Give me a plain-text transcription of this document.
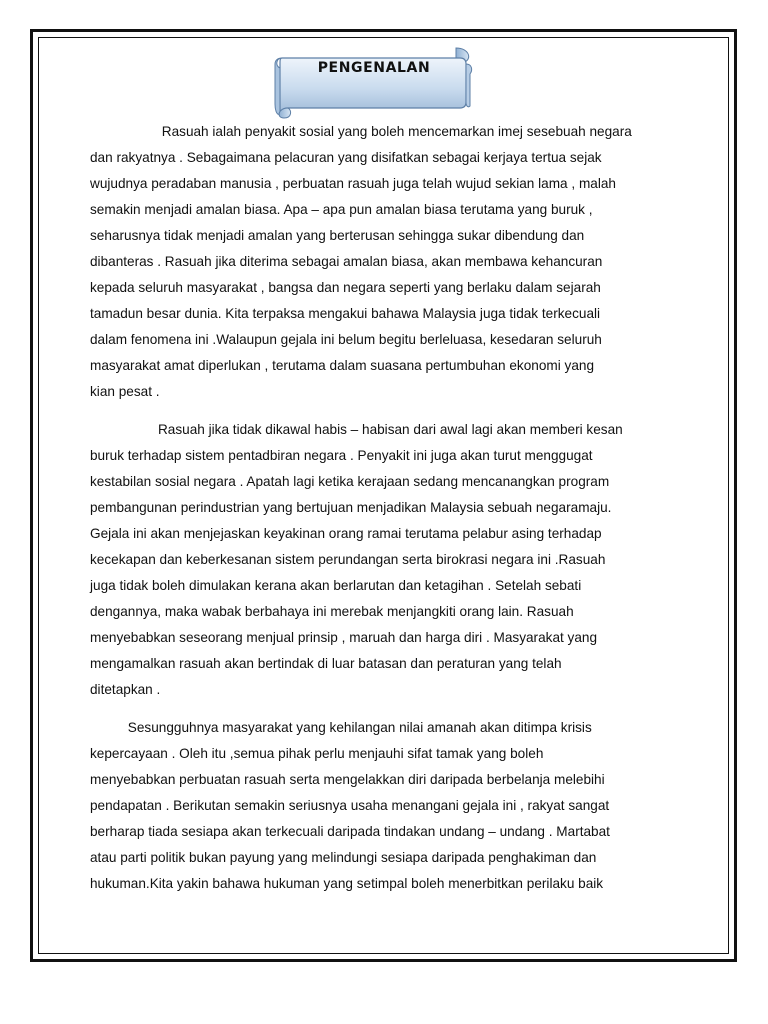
PENGENALAN
Rasuah ialah penyakit sosial yang boleh mencemarkan imej sesebuah negara
dan rakyatnya . Sebagaimana pelacuran yang disifatkan sebagai kerjaya tertua sejak
wujudnya peradaban manusia , perbuatan rasuah juga telah wujud sekian lama , malah
semakin menjadi amalan biasa. Apa – apa pun amalan biasa terutama yang buruk ,
seharusnya tidak menjadi amalan yang berterusan sehingga sukar dibendung dan
dibanteras . Rasuah jika diterima sebagai amalan biasa, akan membawa kehancuran
kepada seluruh masyarakat , bangsa dan negara seperti yang berlaku dalam sejarah
tamadun besar dunia. Kita terpaksa mengakui bahawa Malaysia juga tidak terkecuali
dalam fenomena ini .Walaupun gejala ini belum begitu berleluasa, kesedaran seluruh
masyarakat amat diperlukan , terutama dalam suasana pertumbuhan ekonomi yang
kian pesat .
Rasuah jika tidak dikawal habis – habisan dari awal lagi akan memberi kesan
buruk terhadap sistem pentadbiran negara . Penyakit ini juga akan turut menggugat
kestabilan sosial negara . Apatah lagi ketika kerajaan sedang mencanangkan program
pembangunan perindustrian yang bertujuan menjadikan Malaysia sebuah negaramaju.
Gejala ini akan menjejaskan keyakinan orang ramai terutama pelabur asing terhadap
kecekapan dan keberkesanan sistem perundangan serta birokrasi negara ini .Rasuah
juga tidak boleh dimulakan kerana akan berlarutan dan ketagihan . Setelah sebati
dengannya, maka wabak berbahaya ini merebak menjangkiti orang lain. Rasuah
menyebabkan seseorang menjual prinsip , maruah dan harga diri . Masyarakat yang
mengamalkan rasuah akan bertindak di luar batasan dan peraturan yang telah
ditetapkan .
Sesungguhnya masyarakat yang kehilangan nilai amanah akan ditimpa krisis
kepercayaan . Oleh itu ,semua pihak perlu menjauhi sifat tamak yang boleh
menyebabkan perbuatan rasuah serta mengelakkan diri daripada berbelanja melebihi
pendapatan . Berikutan semakin seriusnya usaha menangani gejala ini , rakyat sangat
berharap tiada sesiapa akan terkecuali daripada tindakan undang – undang . Martabat
atau parti politik bukan payung yang melindungi sesiapa daripada penghakiman dan
hukuman.Kita yakin bahawa hukuman yang setimpal boleh menerbitkan perilaku baik
